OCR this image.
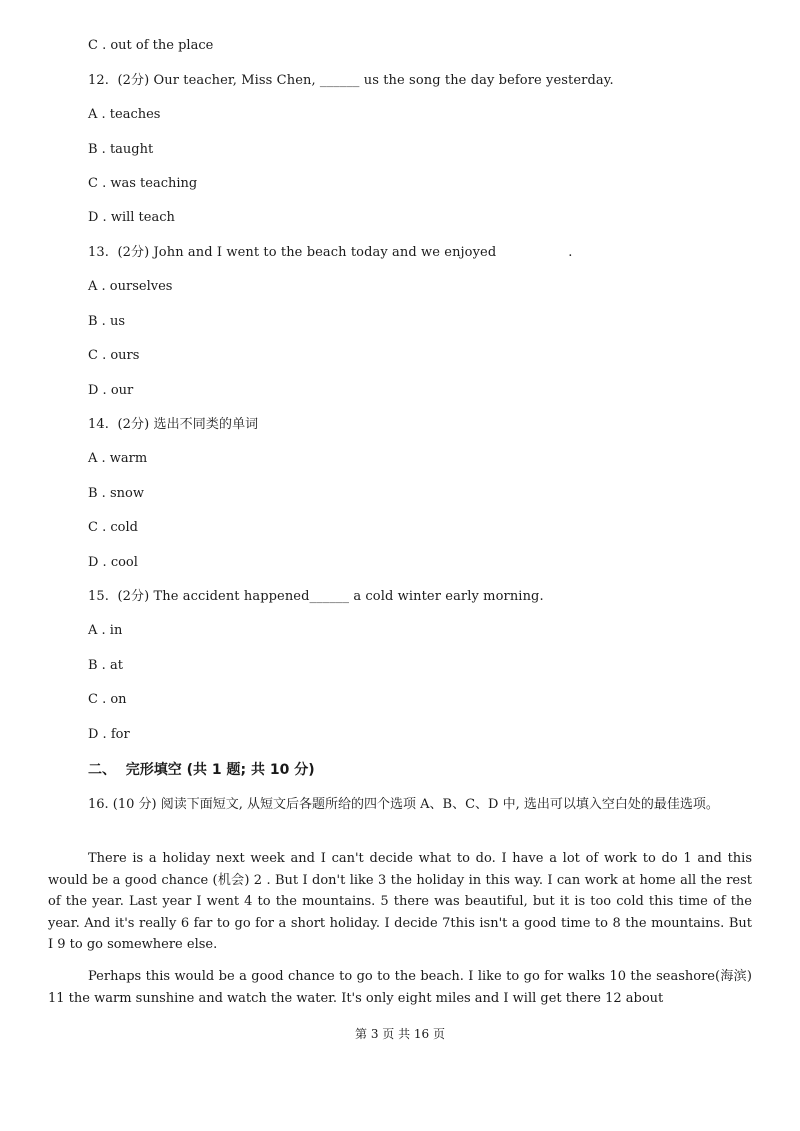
C . out of the place
12.  (2分) Our teacher, Miss Chen, ______ us the song the day before yesterday.
A . teaches
B . taught
C . was teaching
D . will teach
13.  (2分) John and I went to the beach today and we enjoyed                 .
A . ourselves
B . us
C . ours
D . our
14.  (2分) 选出不同类的单词
A . warm
B . snow
C . cold
D . cool
15.  (2分) The accident happened______ a cold winter early morning.
A . in
B . at
C . on
D . for
二、  完形填空 (共 1 题; 共 10 分)
16. (10 分) 阅读下面短文, 从短文后各题所给的四个选项 A、B、C、D 中, 选出可以填入空白处的最佳选项。
There is a holiday next week and I can't decide what to do. I have a lot of work to do 1 and this would be a good chance (机会) 2 . But I don't like 3 the holiday in this way. I can work at home all the rest of the year. Last year I went 4 to the mountains. 5 there was beautiful, but it is too cold this time of the year. And it's really 6 far to go for a short holiday. I decide 7this isn't a good time to 8 the mountains. But I 9 to go somewhere else.
Perhaps this would be a good chance to go to the beach. I like to go for walks 10 the seashore(海滨) 11 the warm sunshine and watch the water. It's only eight miles and I will get there 12 about
第 3 页 共 16 页
